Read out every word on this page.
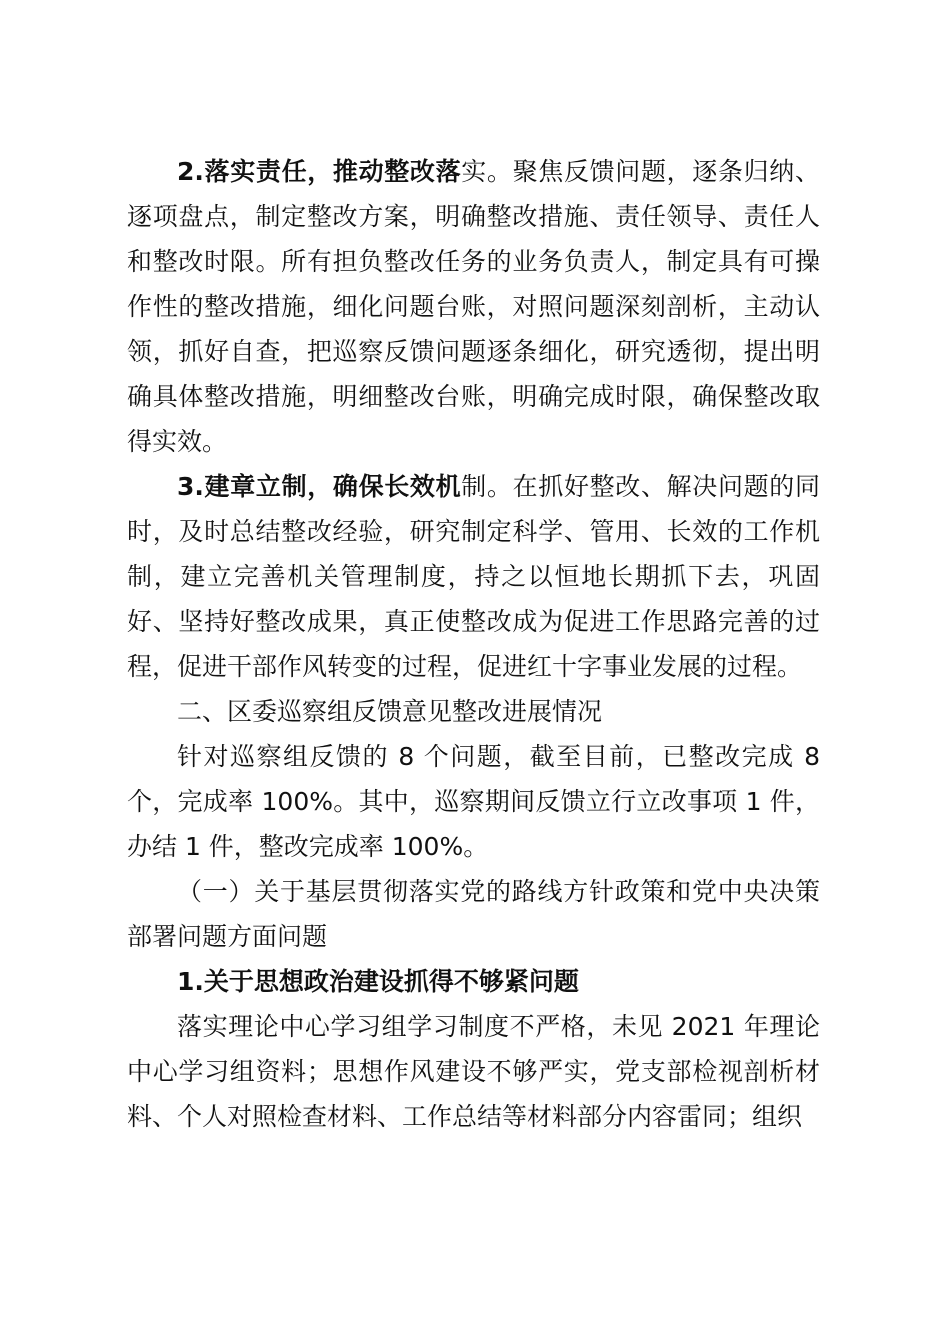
2.落实责任，推动整改落实。聚焦反馈问题，逐条归纳、逐项盘点，制定整改方案，明确整改措施、责任领导、责任人和整改时限。所有担负整改任务的业务负责人，制定具有可操作性的整改措施，细化问题台账，对照问题深刻剖析，主动认领，抓好自查，把巡察反馈问题逐条细化，研究透彻，提出明确具体整改措施，明细整改台账，明确完成时限，确保整改取得实效。

3.建章立制，确保长效机制。在抓好整改、解决问题的同时，及时总结整改经验，研究制定科学、管用、长效的工作机制，建立完善机关管理制度，持之以恒地长期抓下去，巩固好、坚持好整改成果，真正使整改成为促进工作思路完善的过程，促进干部作风转变的过程，促进红十字事业发展的过程。

二、区委巡察组反馈意见整改进展情况

针对巡察组反馈的 8 个问题，截至目前，已整改完成 8 个，完成率 100%。其中，巡察期间反馈立行立改事项 1 件，办结 1 件，整改完成率 100%。

（一）关于基层贯彻落实党的路线方针政策和党中央决策部署问题方面问题

1.关于思想政治建设抓得不够紧问题

落实理论中心学习组学习制度不严格，未见 2021 年理论中心学习组资料；思想作风建设不够严实，党支部检视剖析材料、个人对照检查材料、工作总结等材料部分内容雷同；组织
